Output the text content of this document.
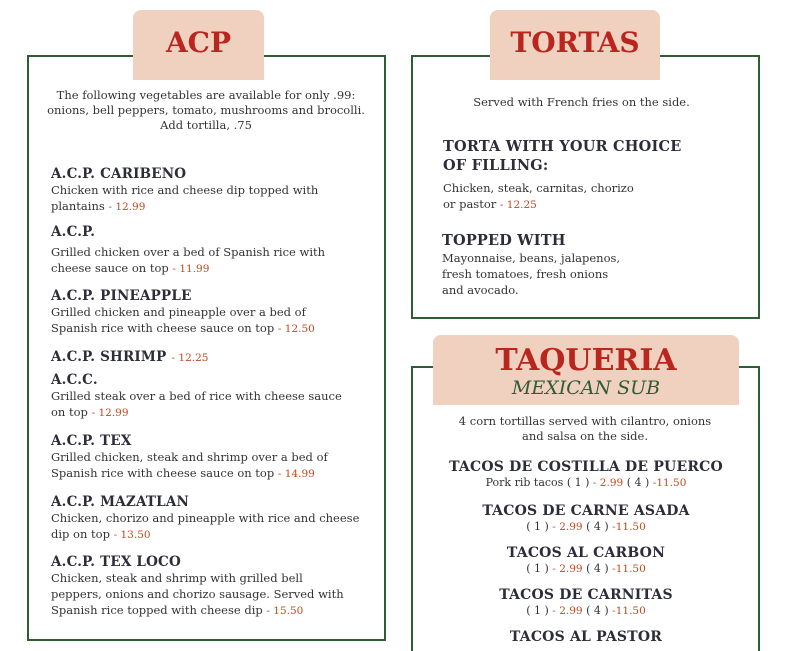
ACP
The following vegetables are available for only .99: onions, bell peppers, tomato, mushrooms and brocolli. Add tortilla, .75
A.C.P. CARIBENO
Chicken with rice and cheese dip topped with plantains - 12.99
A.C.P.
Grilled chicken over a bed of Spanish rice with cheese sauce on top - 11.99
A.C.P. PINEAPPLE
Grilled chicken and pineapple over a bed of Spanish rice with cheese sauce on top - 12.50
A.C.P. SHRIMP - 12.25
A.C.C.
Grilled steak over a bed of rice with cheese sauce on top - 12.99
A.C.P. TEX
Grilled chicken, steak and shrimp over a bed of Spanish rice with cheese sauce on top - 14.99
A.C.P. MAZATLAN
Chicken, chorizo and pineapple with rice and cheese dip on top - 13.50
A.C.P. TEX LOCO
Chicken, steak and shrimp with grilled bell peppers, onions and chorizo sausage. Served with Spanish rice topped with cheese dip - 15.50
TORTAS
Served with French fries on the side.
TORTA WITH YOUR CHOICE OF FILLING:
Chicken, steak, carnitas, chorizo or pastor - 12.25
TOPPED WITH
Mayonnaise, beans, jalapenos, fresh tomatoes, fresh onions and avocado.
TAQUERIA
MEXICAN SUB
4 corn tortillas served with cilantro, onions and salsa on the side.
TACOS DE COSTILLA DE PUERCO
Pork rib tacos ( 1 ) - 2.99 ( 4 ) -11.50
TACOS DE CARNE ASADA
( 1 ) - 2.99 ( 4 ) -11.50
TACOS AL CARBON
( 1 ) - 2.99 ( 4 ) -11.50
TACOS DE CARNITAS
( 1 ) - 2.99 ( 4 ) -11.50
TACOS AL PASTOR
